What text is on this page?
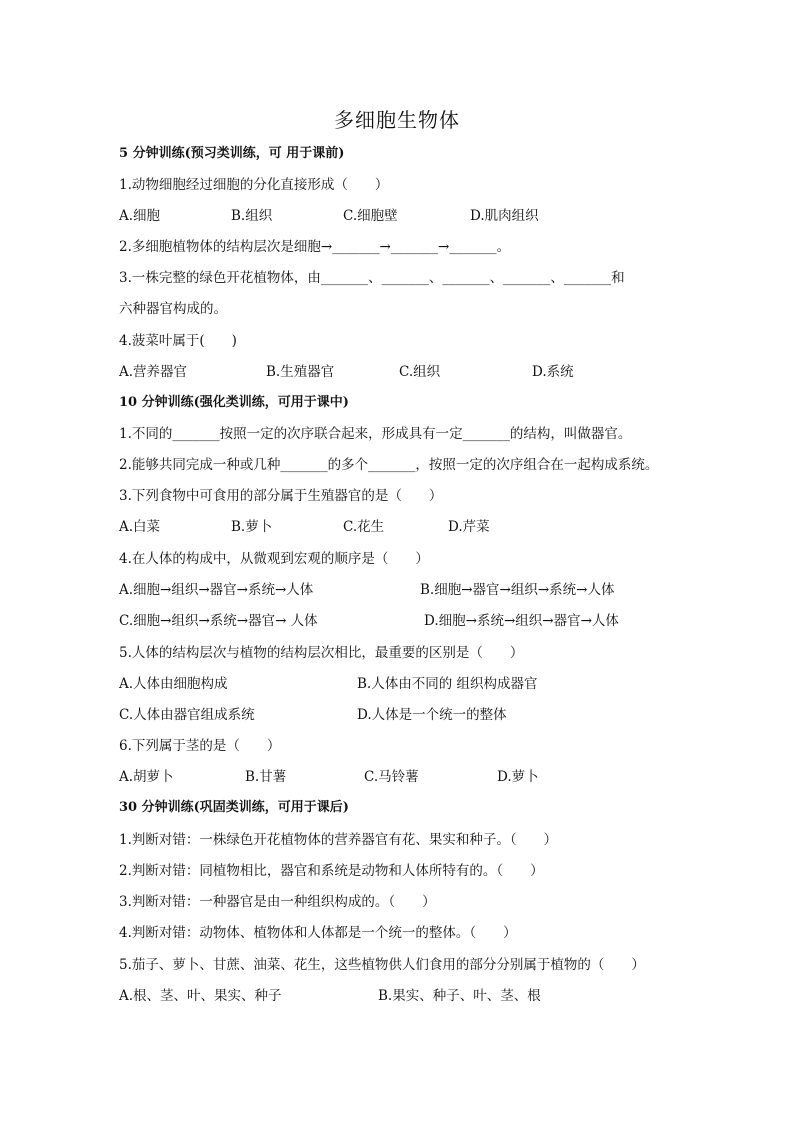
多细胞生物体
5 分钟训练(预习类训练，可 用于课前)
1.动物细胞经过细胞的分化直接形成（　　）
A.细胞	B.组织	C.细胞壁	D.肌肉组织
2.多细胞植物体的结构层次是细胞→_______→_______→_______。
3.一株完整的绿色开花植物体，由_______、_______、_______、_______、_______和
六种器官构成的。
4.菠菜叶属于(　　)
A.营养器官	B.生殖器官	C.组织	D.系统
10 分钟训练(强化类训练，可用于课中)
1.不同的_______按照一定的次序联合起来，形成具有一定_______的结构，叫做器官。
2.能够共同完成一种或几种_______的多个_______，按照一定的次序组合在一起构成系统。
3.下列食物中可食用的部分属于生殖器官的是（　　）
A.白菜	B.萝卜	C.花生	D.芹菜
4.在人体的构成中，从微观到宏观的顺序是（　　）
A.细胞→组织→器官→系统→人体	B.细胞→器官→组织→系统→人体
C.细胞→组织→系统→器官→ 人体	D.细胞→系统→组织→器官→人体
5.人体的结构层次与植物的结构层次相比，最重要的区别是（　　）
A.人体由细胞构成	B.人体由不同的 组织构成器官
C.人体由器官组成系统	D.人体是一个统一的整体
6.下列属于茎的是（　　）
A.胡萝卜	B.甘薯	C.马铃薯	D.萝卜
30 分钟训练(巩固类训练，可用于课后)
1.判断对错：一株绿色开花植物体的营养器官有花、果实和种子。（　　）
2.判断对错：同植物相比，器官和系统是动物和人体所特有的。（　　）
3.判断对错：一种器官是由一种组织构成的。（　　）
4.判断对错：动物体、植物体和人体都是一个统一的整体。（　　）
5.茄子、萝卜、甘蔗、油菜、花生，这些植物供人们食用的部分分别属于植物的（　　）
A.根、茎、叶、果实、种子	B.果实、种子、叶、茎、根
